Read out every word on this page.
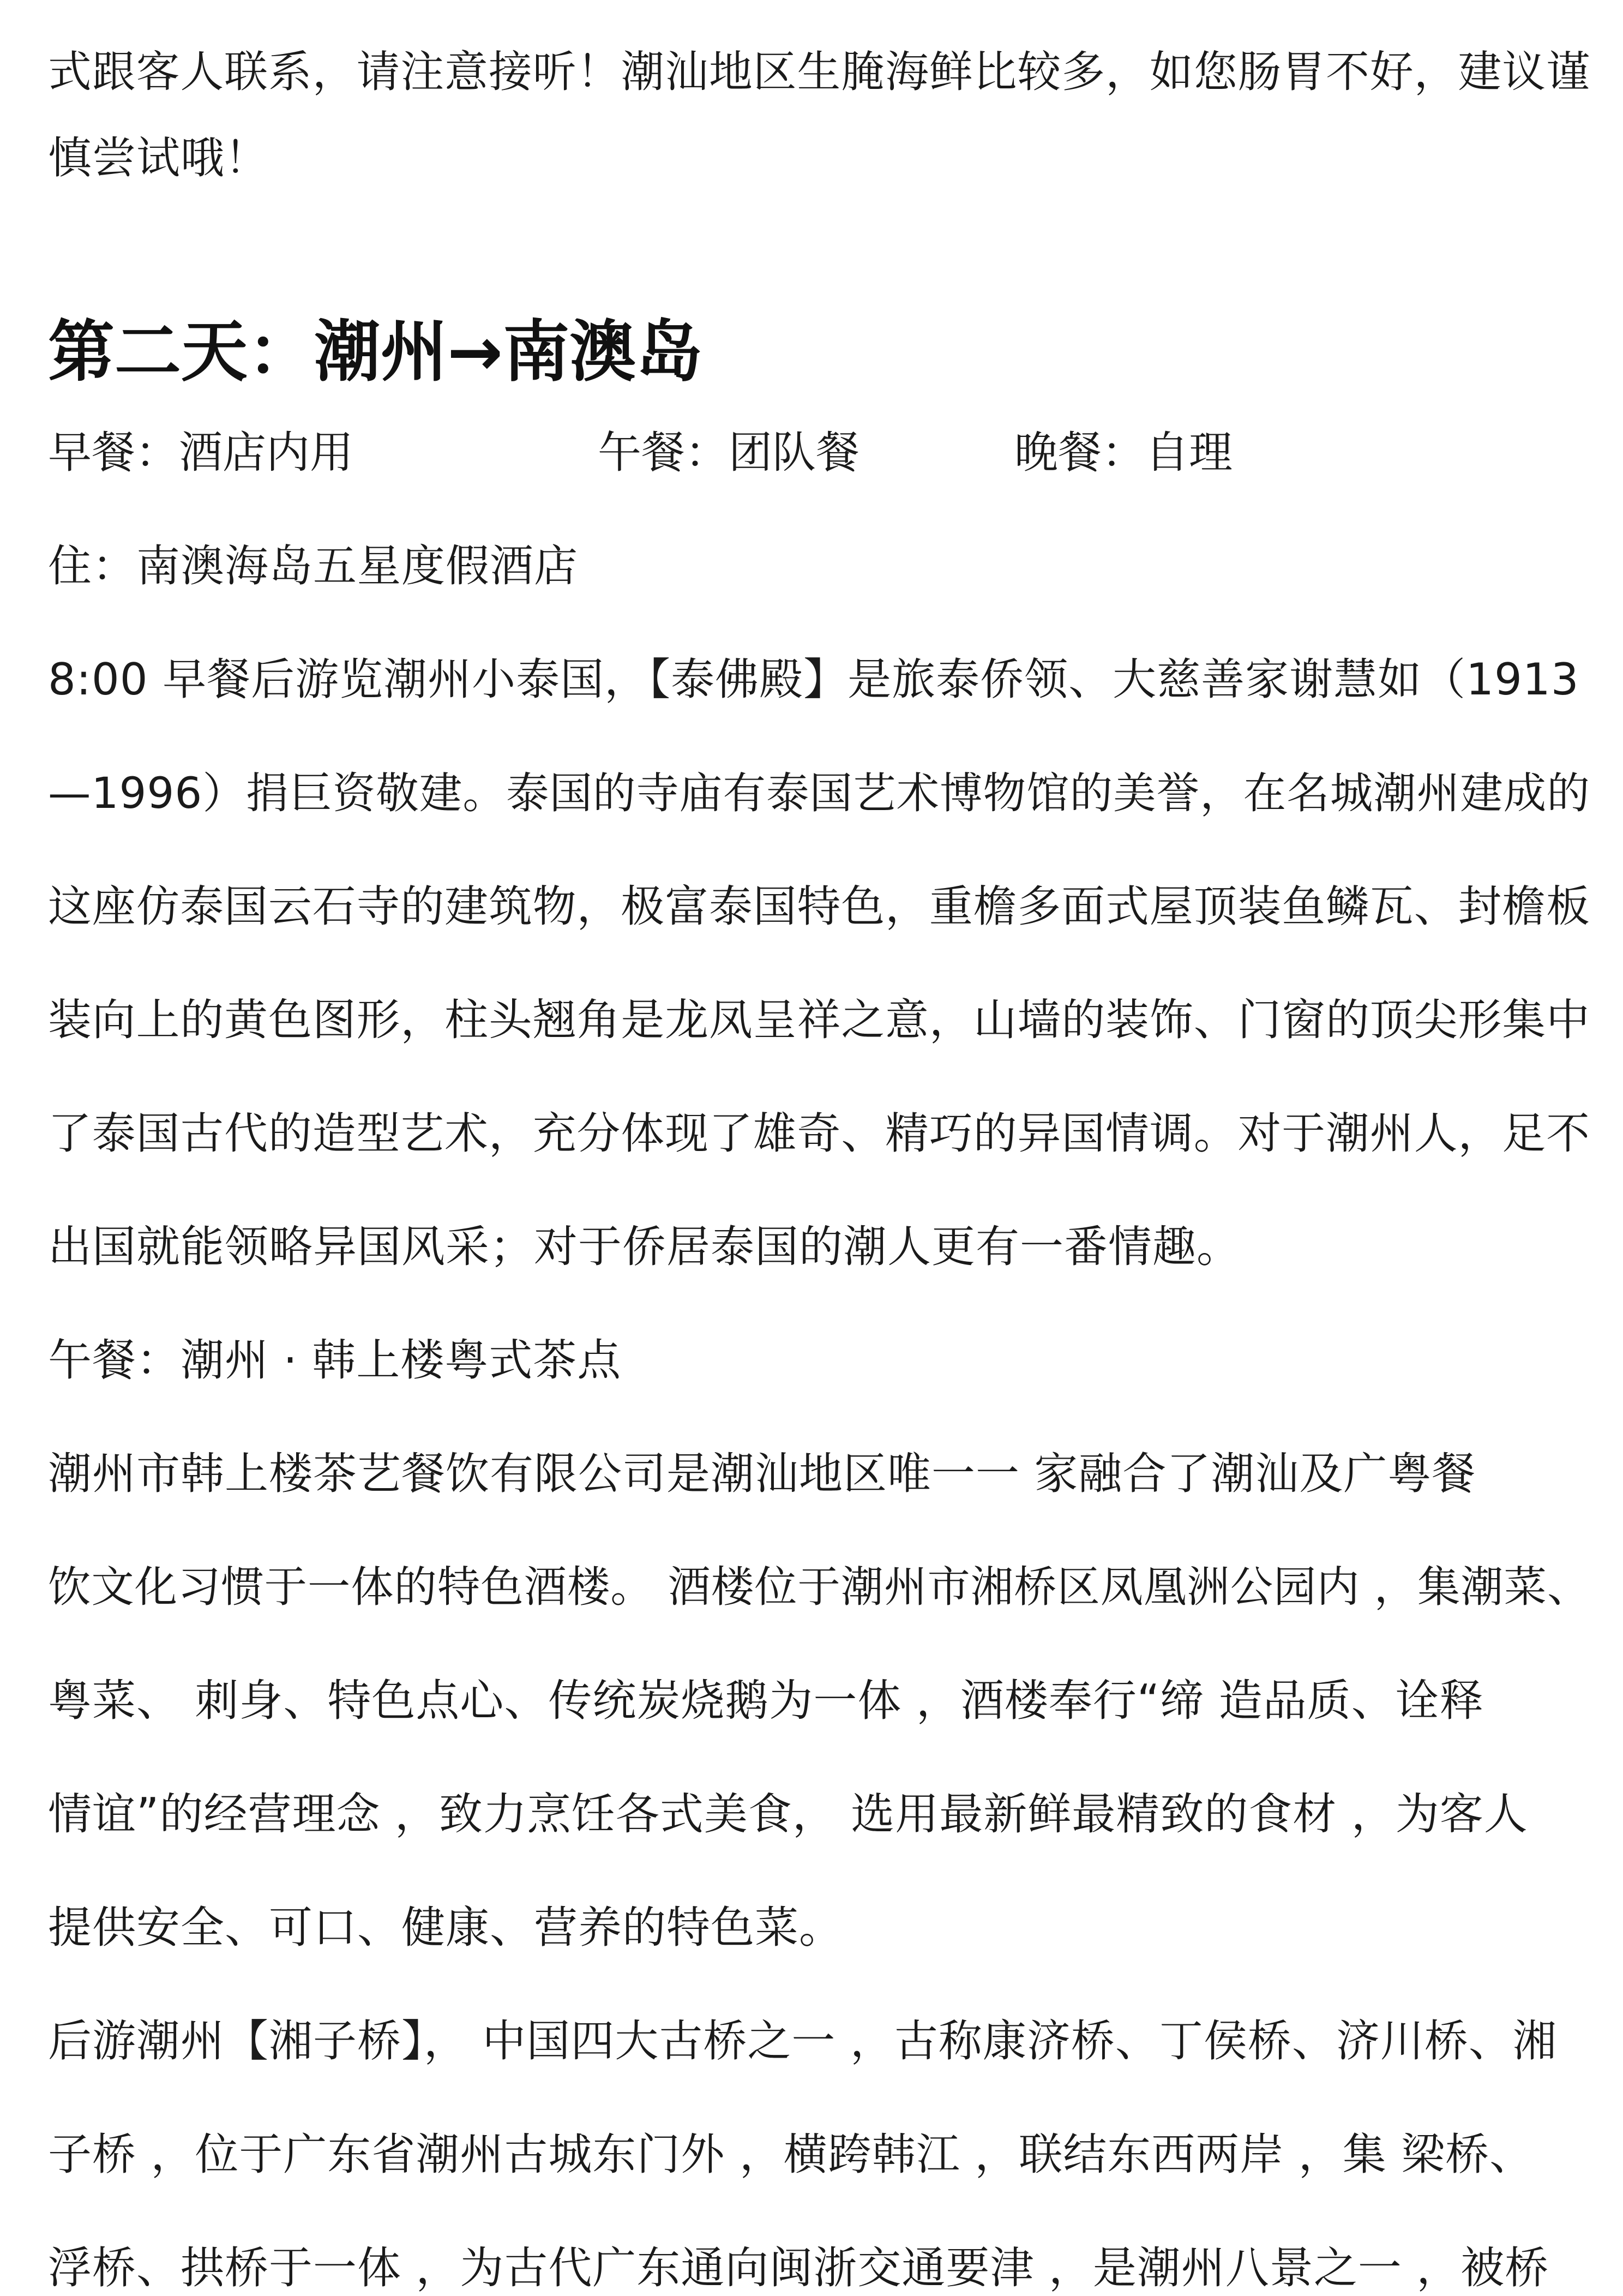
式跟客人联系，请注意接听！潮汕地区生腌海鲜比较多，如您肠胃不好，建议谨
慎尝试哦！
第二天：潮州→南澳岛
早餐：酒店内用	午餐：团队餐	晚餐：自理
住：南澳海岛五星度假酒店
8:00 早餐后游览潮州小泰国，【泰佛殿】是旅泰侨领、大慈善家谢慧如（1913
—1996）捐巨资敬建。泰国的寺庙有泰国艺术博物馆的美誉，在名城潮州建成的
这座仿泰国云石寺的建筑物，极富泰国特色，重檐多面式屋顶装鱼鳞瓦、封檐板
装向上的黄色图形，柱头翘角是龙凤呈祥之意，山墙的装饰、门窗的顶尖形集中
了泰国古代的造型艺术，充分体现了雄奇、精巧的异国情调。对于潮州人，足不
出国就能领略异国风采；对于侨居泰国的潮人更有一番情趣。
午餐：潮州 · 韩上楼粤式茶点
潮州市韩上楼茶艺餐饮有限公司是潮汕地区唯一一 家融合了潮汕及广粤餐
饮文化习惯于一体的特色酒楼。 酒楼位于潮州市湘桥区凤凰洲公园内 ，集潮菜、
粤菜、 刺身、特色点心、传统炭烧鹅为一体 ，酒楼奉行“缔 造品质、诠释
情谊”的经营理念 ，致力烹饪各式美食， 选用最新鲜最精致的食材 ，为客人
提供安全、可口、健康、营养的特色菜。
后游潮州【湘子桥】， 中国四大古桥之一 ，古称康济桥、丁侯桥、济川桥、湘
子桥 ，位于广东省潮州古城东门外 ，横跨韩江 ，联结东西两岸 ，集 梁桥、
浮桥、拱桥于一体 ，为古代广东通向闽浙交通要津 ，是潮州八景之一 ，被桥
